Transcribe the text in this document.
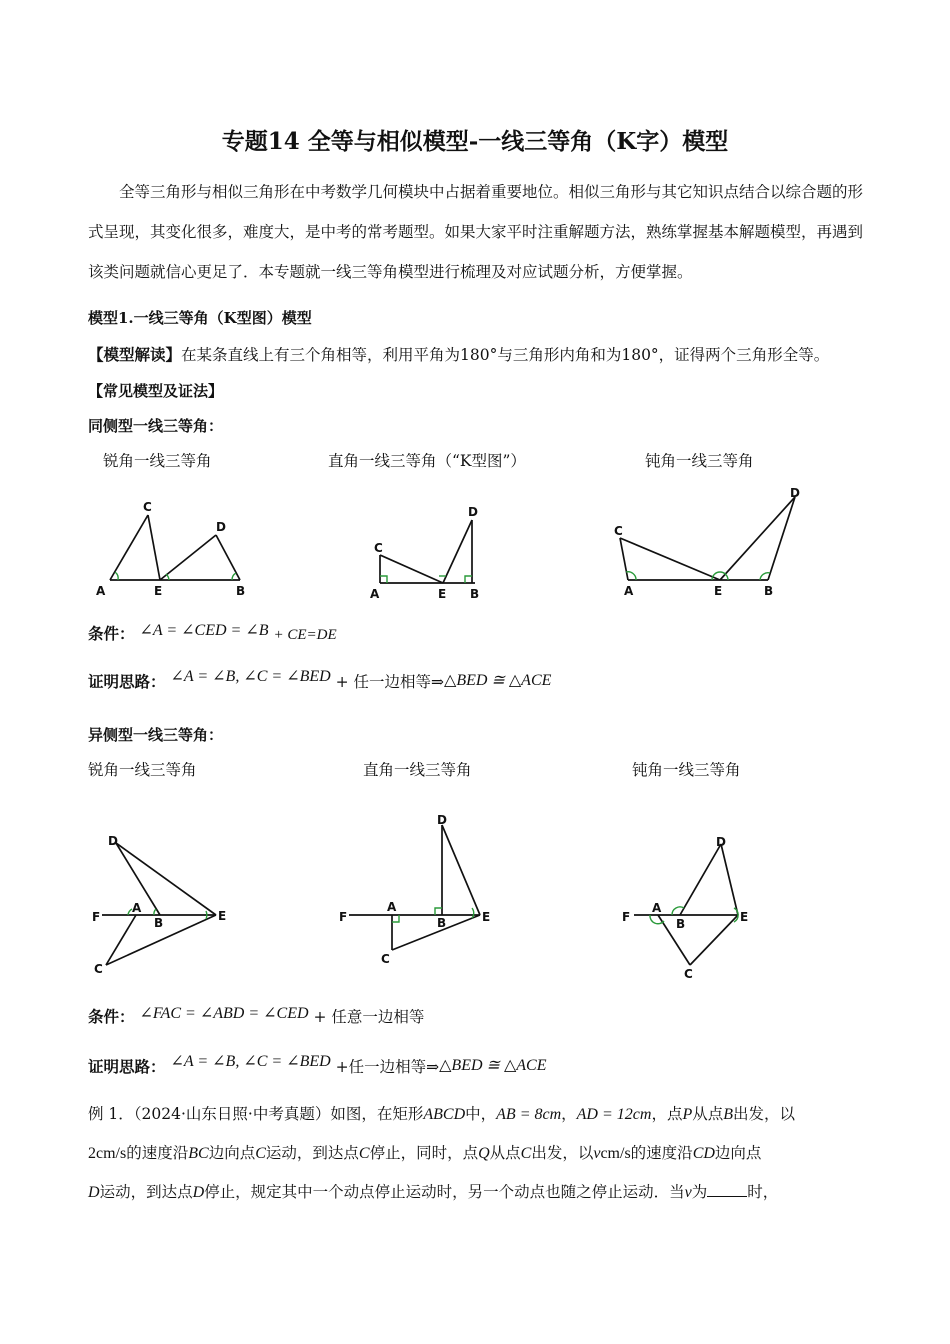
专题14 全等与相似模型-一线三等角（K字）模型
全等三角形与相似三角形在中考数学几何模块中占据着重要地位。相似三角形与其它知识点结合以综合题的形式呈现，其变化很多，难度大，是中考的常考题型。如果大家平时注重解题方法，熟练掌握基本解题模型，再遇到该类问题就信心更足了．本专题就一线三等角模型进行梳理及对应试题分析，方便掌握。
模型1.一线三等角（K型图）模型
【模型解读】在某条直线上有三个角相等，利用平角为180°与三角形内角和为180°，证得两个三角形全等。
【常见模型及证法】
同侧型一线三等角：
锐角一线三等角	直角一线三等角（“K型图”）	钝角一线三等角
A
C
E
D
B
C
A	E
D
B
C
A	E
D
B
条件： ∠A = ∠CED = ∠B + CE=DE
证明思路： ∠A = ∠B, ∠C = ∠BED + 任一边相等⇒△BED ≅ △ACE
异侧型一线三等角：
锐角一线三等角	直角一线三等角	钝角一线三等角
D
F
A
B	E
C
D
F
A
B	E
C
D
F
A
B	E
C
条件： ∠FAC = ∠ABD = ∠CED + 任意一边相等
证明思路： ∠A = ∠B, ∠C = ∠BED +任一边相等⇒△BED ≅ △ACE
例 1．（2024·山东日照·中考真题）如图，在矩形ABCD中，AB = 8cm，AD = 12cm，点P从点B出发，以
2cm/s的速度沿BC边向点C运动，到达点C停止，同时，点Q从点C出发，以vcm/s的速度沿CD边向点
D运动，到达点D停止，规定其中一个动点停止运动时，另一个动点也随之停止运动．当v为	时，
